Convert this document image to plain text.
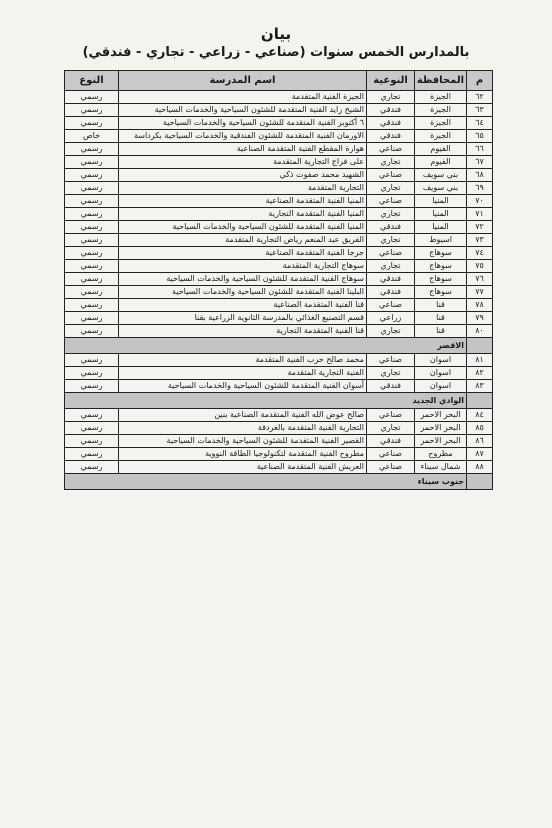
بيان
بالمدارس الخمس سنوات (صناعي - زراعي - تجاري - فندقي)
م	المحافظة	النوعية	اسم المدرسة	النوع
٦٢	الجيزة	تجاري	الجيزة الفنية المتقدمة	رسمي
٦٣	الجيزة	فندقي	الشيخ زايد الفنية المتقدمة للشئون السياحية والخدمات السياحية	رسمي
٦٤	الجيزة	فندقي	٦ أكتوبر الفنية المتقدمة للشئون السياحية والخدمات السياحية	رسمي
٦٥	الجيزة	فندقي	الاورمان الفنية المتقدمة للشئون الفندقية والخدمات السياحية بكرداسة	خاص
٦٦	الفيوم	صناعي	هوارة المقطع الفنية المتقدمة الصناعية	رسمي
٦٧	الفيوم	تجاري	على فراج التجارية المتقدمة	رسمي
٦٨	بني سويف	صناعي	الشهيد محمد صفوت ذكي	رسمي
٦٩	بني سويف	تجاري	التجارية المتقدمة	رسمي
٧٠	المنيا	صناعي	المنيا الفنية المتقدمة الصناعية	رسمي
٧١	المنيا	تجاري	المنيا الفنية المتقدمة التجارية	رسمي
٧٢	المنيا	فندقي	المنيا الفنية المتقدمة للشئون السياحية والخدمات السياحية	رسمي
٧٣	اسيوط	تجاري	الفريق عبد المنعم رياض التجارية المتقدمة	رسمي
٧٤	سوهاج	صناعي	جرجا الفنية المتقدمة الصناعية	رسمي
٧٥	سوهاج	تجاري	سوهاج التجارية المتقدمة	رسمي
٧٦	سوهاج	فندقي	سوهاج الفنية المتقدمة للشئون السياحية والخدمات السياحية	رسمي
٧٧	سوهاج	فندقي	البلينا الفنية المتقدمة للشئون السياحية والخدمات السياحية	رسمي
٧٨	قنا	صناعي	قنا الفنية المتقدمة الصناعية	رسمي
٧٩	قنا	زراعي	قسم التصنيع الغذائي بالمدرسة الثانوية الزراعية بقنا	رسمي
٨٠	قنا	تجاري	قنا الفنية المتقدمة التجارية	رسمي
	الاقصر			
٨١	اسوان	صناعي	محمد صالح حرب الفنية المتقدمة	رسمي
٨٢	اسوان	تجاري	الفنية التجارية المتقدمة	رسمي
٨٣	اسوان	فندقي	أسوان الفنية المتقدمة للشئون السياحية والخدمات السياحية	رسمي
	الوادي الجديد			
٨٤	البحر الاحمر	صناعي	صالح عوض الله الفنية المتقدمة الصناعية بنين	رسمي
٨٥	البحر الاحمر	تجاري	التجارية الفنية المتقدمة بالغردقة	رسمي
٨٦	البحر الاحمر	فندقي	القصير الفنية المتقدمة للشئون السياحية والخدمات السياحية	رسمي
٨٧	مطروح	صناعي	مطروح الفنية المتقدمة لتكنولوجيا الطاقة النووية	رسمي
٨٨	شمال سيناء	صناعي	العريش الفنية المتقدمة الصناعية	رسمي
	جنوب سيناء			
